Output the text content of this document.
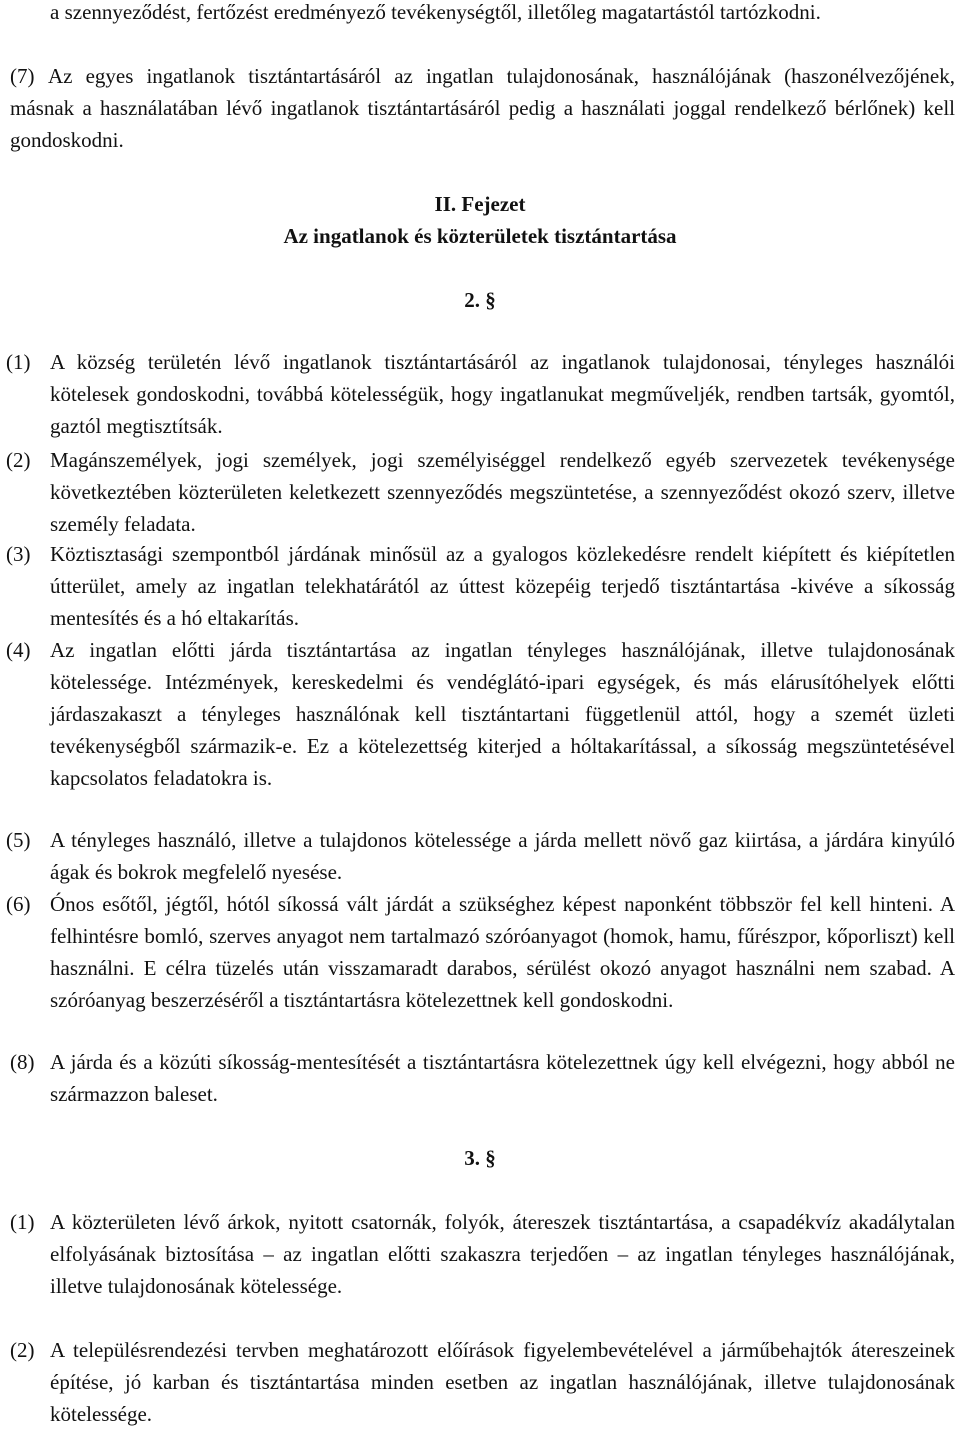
a szennyeződést, fertőzést eredményező tevékenységtől, illetőleg magatartástól tartózkodni.

(7) Az egyes ingatlanok tisztántartásáról az ingatlan tulajdonosának, használójának (haszonélvezőjének, másnak a használatában lévő ingatlanok tisztántartásáról pedig a használati joggal rendelkező bérlőnek) kell gondoskodni.

II. Fejezet
Az ingatlanok és közterületek tisztántartása

2. §

(1) A község területén lévő ingatlanok tisztántartásáról az ingatlanok tulajdonosai, tényleges használói kötelesek gondoskodni, továbbá kötelességük, hogy ingatlanukat megműveljék, rendben tartsák, gyomtól, gaztól megtisztítsák.

(2) Magánszemélyek, jogi személyek, jogi személyiséggel rendelkező egyéb szervezetek tevékenysége következtében közterületen keletkezett szennyeződés megszüntetése, a szennyeződést okozó szerv, illetve személy feladata.

(3) Köztisztasági szempontból járdának minősül az a gyalogos közlekedésre rendelt kiépített és kiépítetlen útterület, amely az ingatlan telekhatárától az úttest közepéig terjedő tisztántartása -kivéve a síkosság mentesítés és a hó eltakarítás.

(4) Az ingatlan előtti járda tisztántartása az ingatlan tényleges használójának, illetve tulajdonosának kötelessége. Intézmények, kereskedelmi és vendéglátó-ipari egységek, és más elárusítóhelyek előtti járdaszakaszt a tényleges használónak kell tisztántartani függetlenül attól, hogy a szemét üzleti tevékenységből származik-e. Ez a kötelezettség kiterjed a hóltakarítással, a síkosság megszüntetésével kapcsolatos feladatokra is.

(5) A tényleges használó, illetve a tulajdonos kötelessége a járda mellett növő gaz kiirtása, a járdára kinyúló ágak és bokrok megfelelő nyesése.

(6) Ónos esőtől, jégtől, hótól síkossá vált járdát a szükséghez képest naponként többször fel kell hinteni. A felhintésre bomló, szerves anyagot nem tartalmazó szóróanyagot (homok, hamu, fűrészpor, kőporliszt) kell használni. E célra tüzelés után visszamaradt darabos, sérülést okozó anyagot használni nem szabad. A szóróanyag beszerzéséről a tisztántartásra kötelezettnek kell gondoskodni.

(8) A járda és a közúti síkosság-mentesítését a tisztántartásra kötelezettnek úgy kell elvégezni, hogy abból ne származzon baleset.

3. §

(1) A közterületen lévő árkok, nyitott csatornák, folyók, átereszek tisztántartása, a csapadékvíz akadálytalan elfolyásának biztosítása – az ingatlan előtti szakaszra terjedően – az ingatlan tényleges használójának, illetve tulajdonosának kötelessége.

(2) A településrendezési tervben meghatározott előírások figyelembevételével a járműbehajtók átereszeinek építése, jó karban és tisztántartása minden esetben az ingatlan használójának, illetve tulajdonosának kötelessége.
